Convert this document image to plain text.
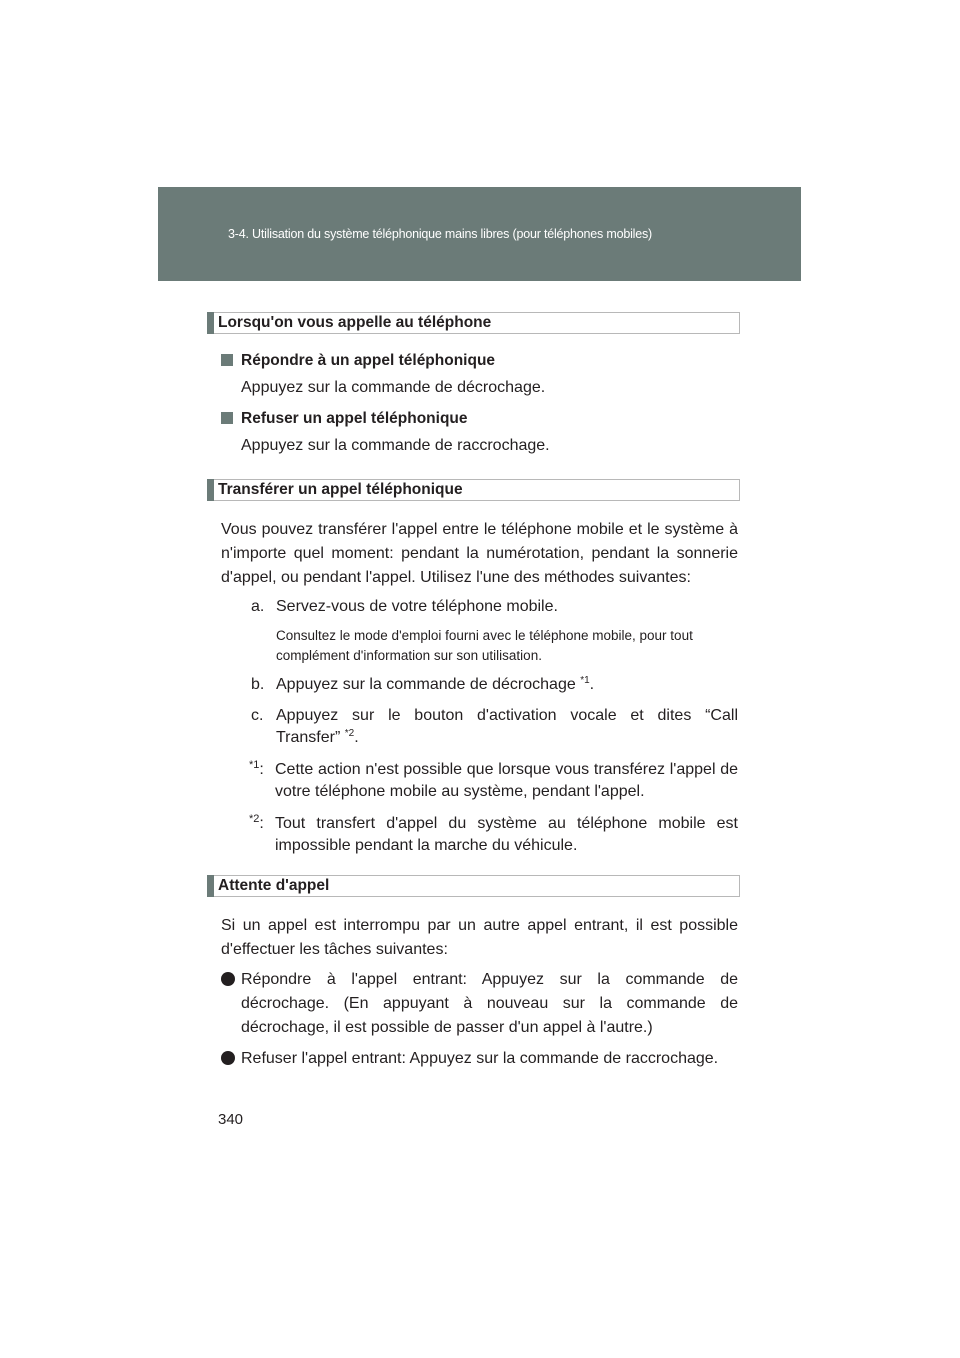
3-4. Utilisation du système téléphonique mains libres (pour téléphones mobiles)
Lorsqu'on vous appelle au téléphone
Répondre à un appel téléphonique
Appuyez sur la commande de décrochage.
Refuser un appel téléphonique
Appuyez sur la commande de raccrochage.
Transférer un appel téléphonique
Vous pouvez transférer l'appel entre le téléphone mobile et le système à
n'importe quel moment: pendant la numérotation, pendant la sonnerie
d'appel, ou pendant l'appel. Utilisez l'une des méthodes suivantes:
a. Servez-vous de votre téléphone mobile.
Consultez le mode d'emploi fourni avec le téléphone mobile, pour tout
complément d'information sur son utilisation.
b. Appuyez sur la commande de décrochage $^{*1}$.
c. Appuyez sur le bouton d'activation vocale et dites “Call
Transfer” $^{*2}$.
$^{*1}$: Cette action n'est possible que lorsque vous transférez l'appel de
votre téléphone mobile au système, pendant l'appel.
$^{*2}$: Tout transfert d'appel du système au téléphone mobile est
impossible pendant la marche du véhicule.
Attente d'appel
Si un appel est interrompu par un autre appel entrant, il est possible
d'effectuer les tâches suivantes:
Répondre à l'appel entrant: Appuyez sur la commande de
décrochage. (En appuyant à nouveau sur la commande de
décrochage, il est possible de passer d'un appel à l'autre.)
Refuser l'appel entrant: Appuyez sur la commande de raccrochage.
340
